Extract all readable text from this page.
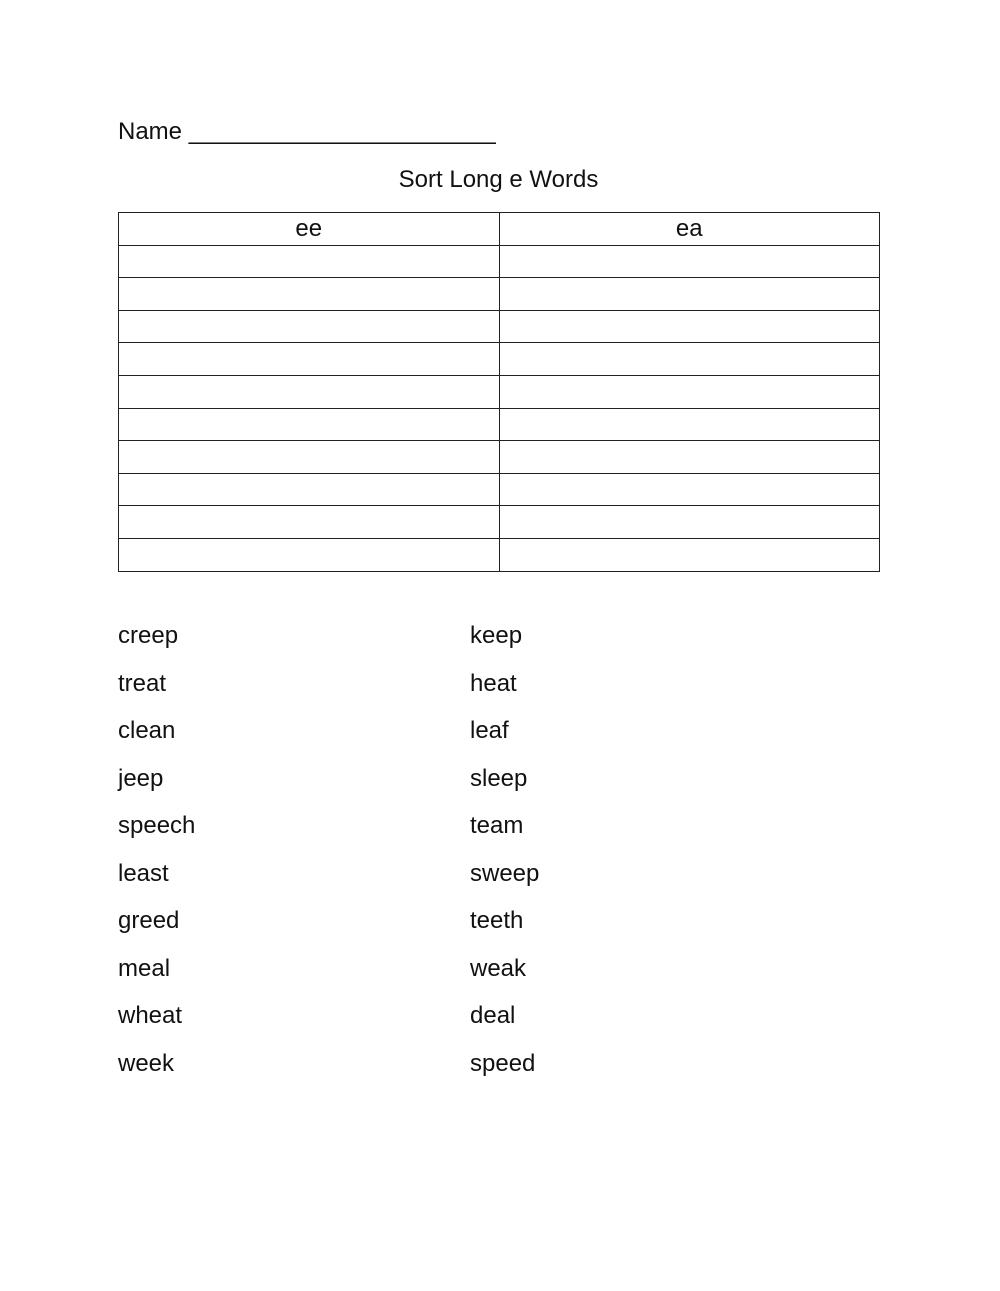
Name _______________________
Sort Long e Words
ee	ea

creep
treat
clean
jeep
speech
least
greed
meal
wheat
week
keep
heat
leaf
sleep
team
sweep
teeth
weak
deal
speed
